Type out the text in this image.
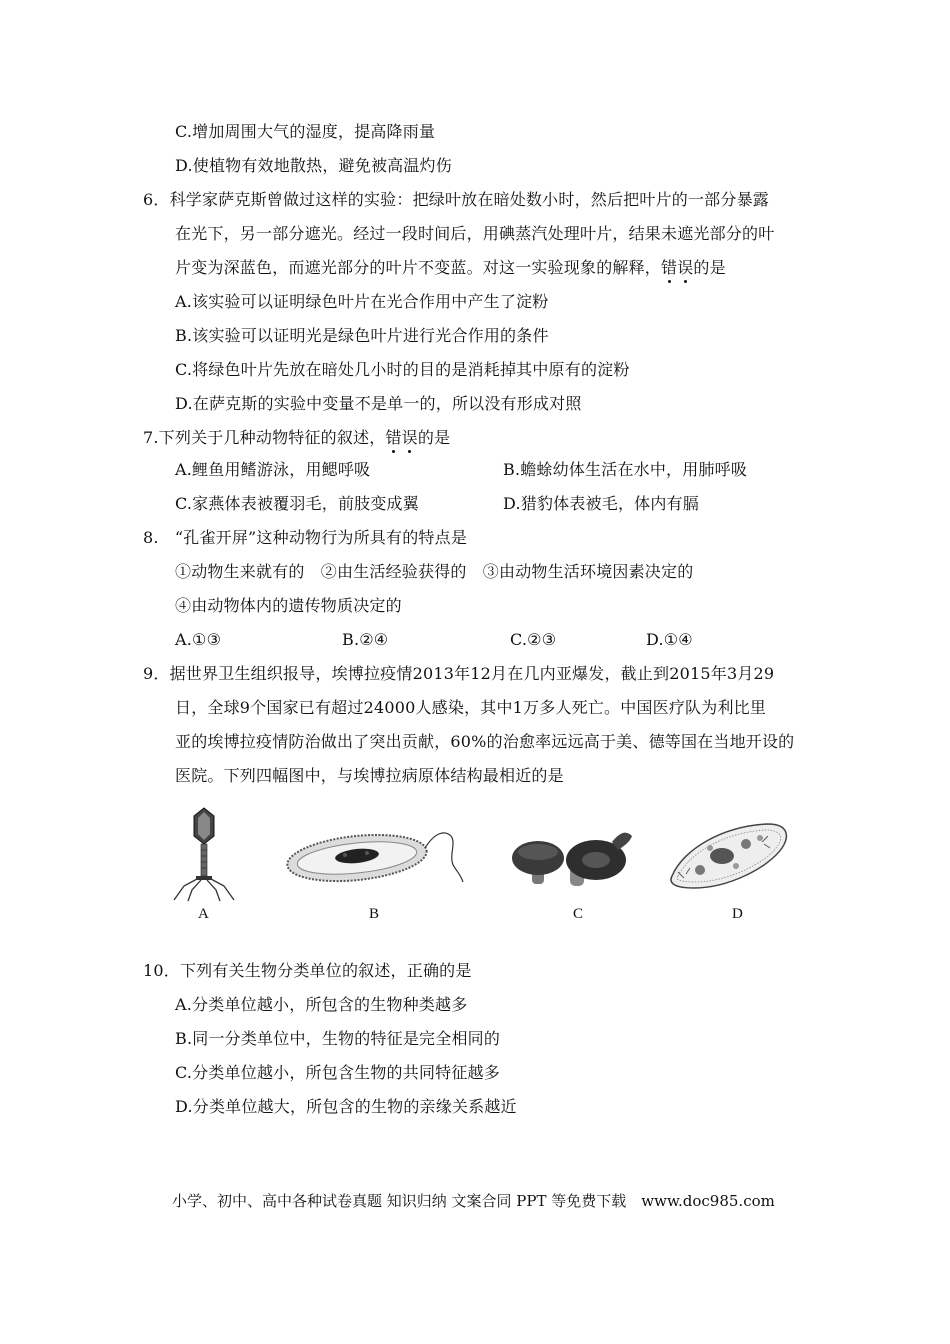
C.增加周围大气的湿度，提高降雨量
D.使植物有效地散热，避免被高温灼伤
6．科学家萨克斯曾做过这样的实验：把绿叶放在暗处数小时，然后把叶片的一部分暴露
在光下，另一部分遮光。经过一段时间后，用碘蒸汽处理叶片，结果未遮光部分的叶
片变为深蓝色，而遮光部分的叶片不变蓝。对这一实验现象的解释，错误的是
A.该实验可以证明绿色叶片在光合作用中产生了淀粉
B.该实验可以证明光是绿色叶片进行光合作用的条件
C.将绿色叶片先放在暗处几小时的目的是消耗掉其中原有的淀粉
D.在萨克斯的实验中变量不是单一的，所以没有形成对照
7.下列关于几种动物特征的叙述，错误的是
A.鲤鱼用鳍游泳，用鳃呼吸	B.蟾蜍幼体生活在水中，用肺呼吸
C.家燕体表被覆羽毛，前肢变成翼	D.猎豹体表被毛，体内有膈
8.　“孔雀开屏”这种动物行为所具有的特点是
①动物生来就有的　②由生活经验获得的　③由动物生活环境因素决定的
④由动物体内的遗传物质决定的
A.①③	B.②④	C.②③	D.①④
9．据世界卫生组织报导，埃博拉疫情2013年12月在几内亚爆发，截止到2015年3月29
日，全球9个国家已有超过24000人感染，其中1万多人死亡。中国医疗队为利比里
亚的埃博拉疫情防治做出了突出贡献，60%的治愈率远远高于美、德等国在当地开设的
医院。下列四幅图中，与埃博拉病原体结构最相近的是
A	B	C	D
10．下列有关生物分类单位的叙述，正确的是
A.分类单位越小，所包含的生物种类越多
B.同一分类单位中，生物的特征是完全相同的
C.分类单位越小，所包含生物的共同特征越多
D.分类单位越大，所包含的生物的亲缘关系越近
小学、初中、高中各种试卷真题 知识归纳 文案合同 PPT 等免费下载　www.doc985.com
